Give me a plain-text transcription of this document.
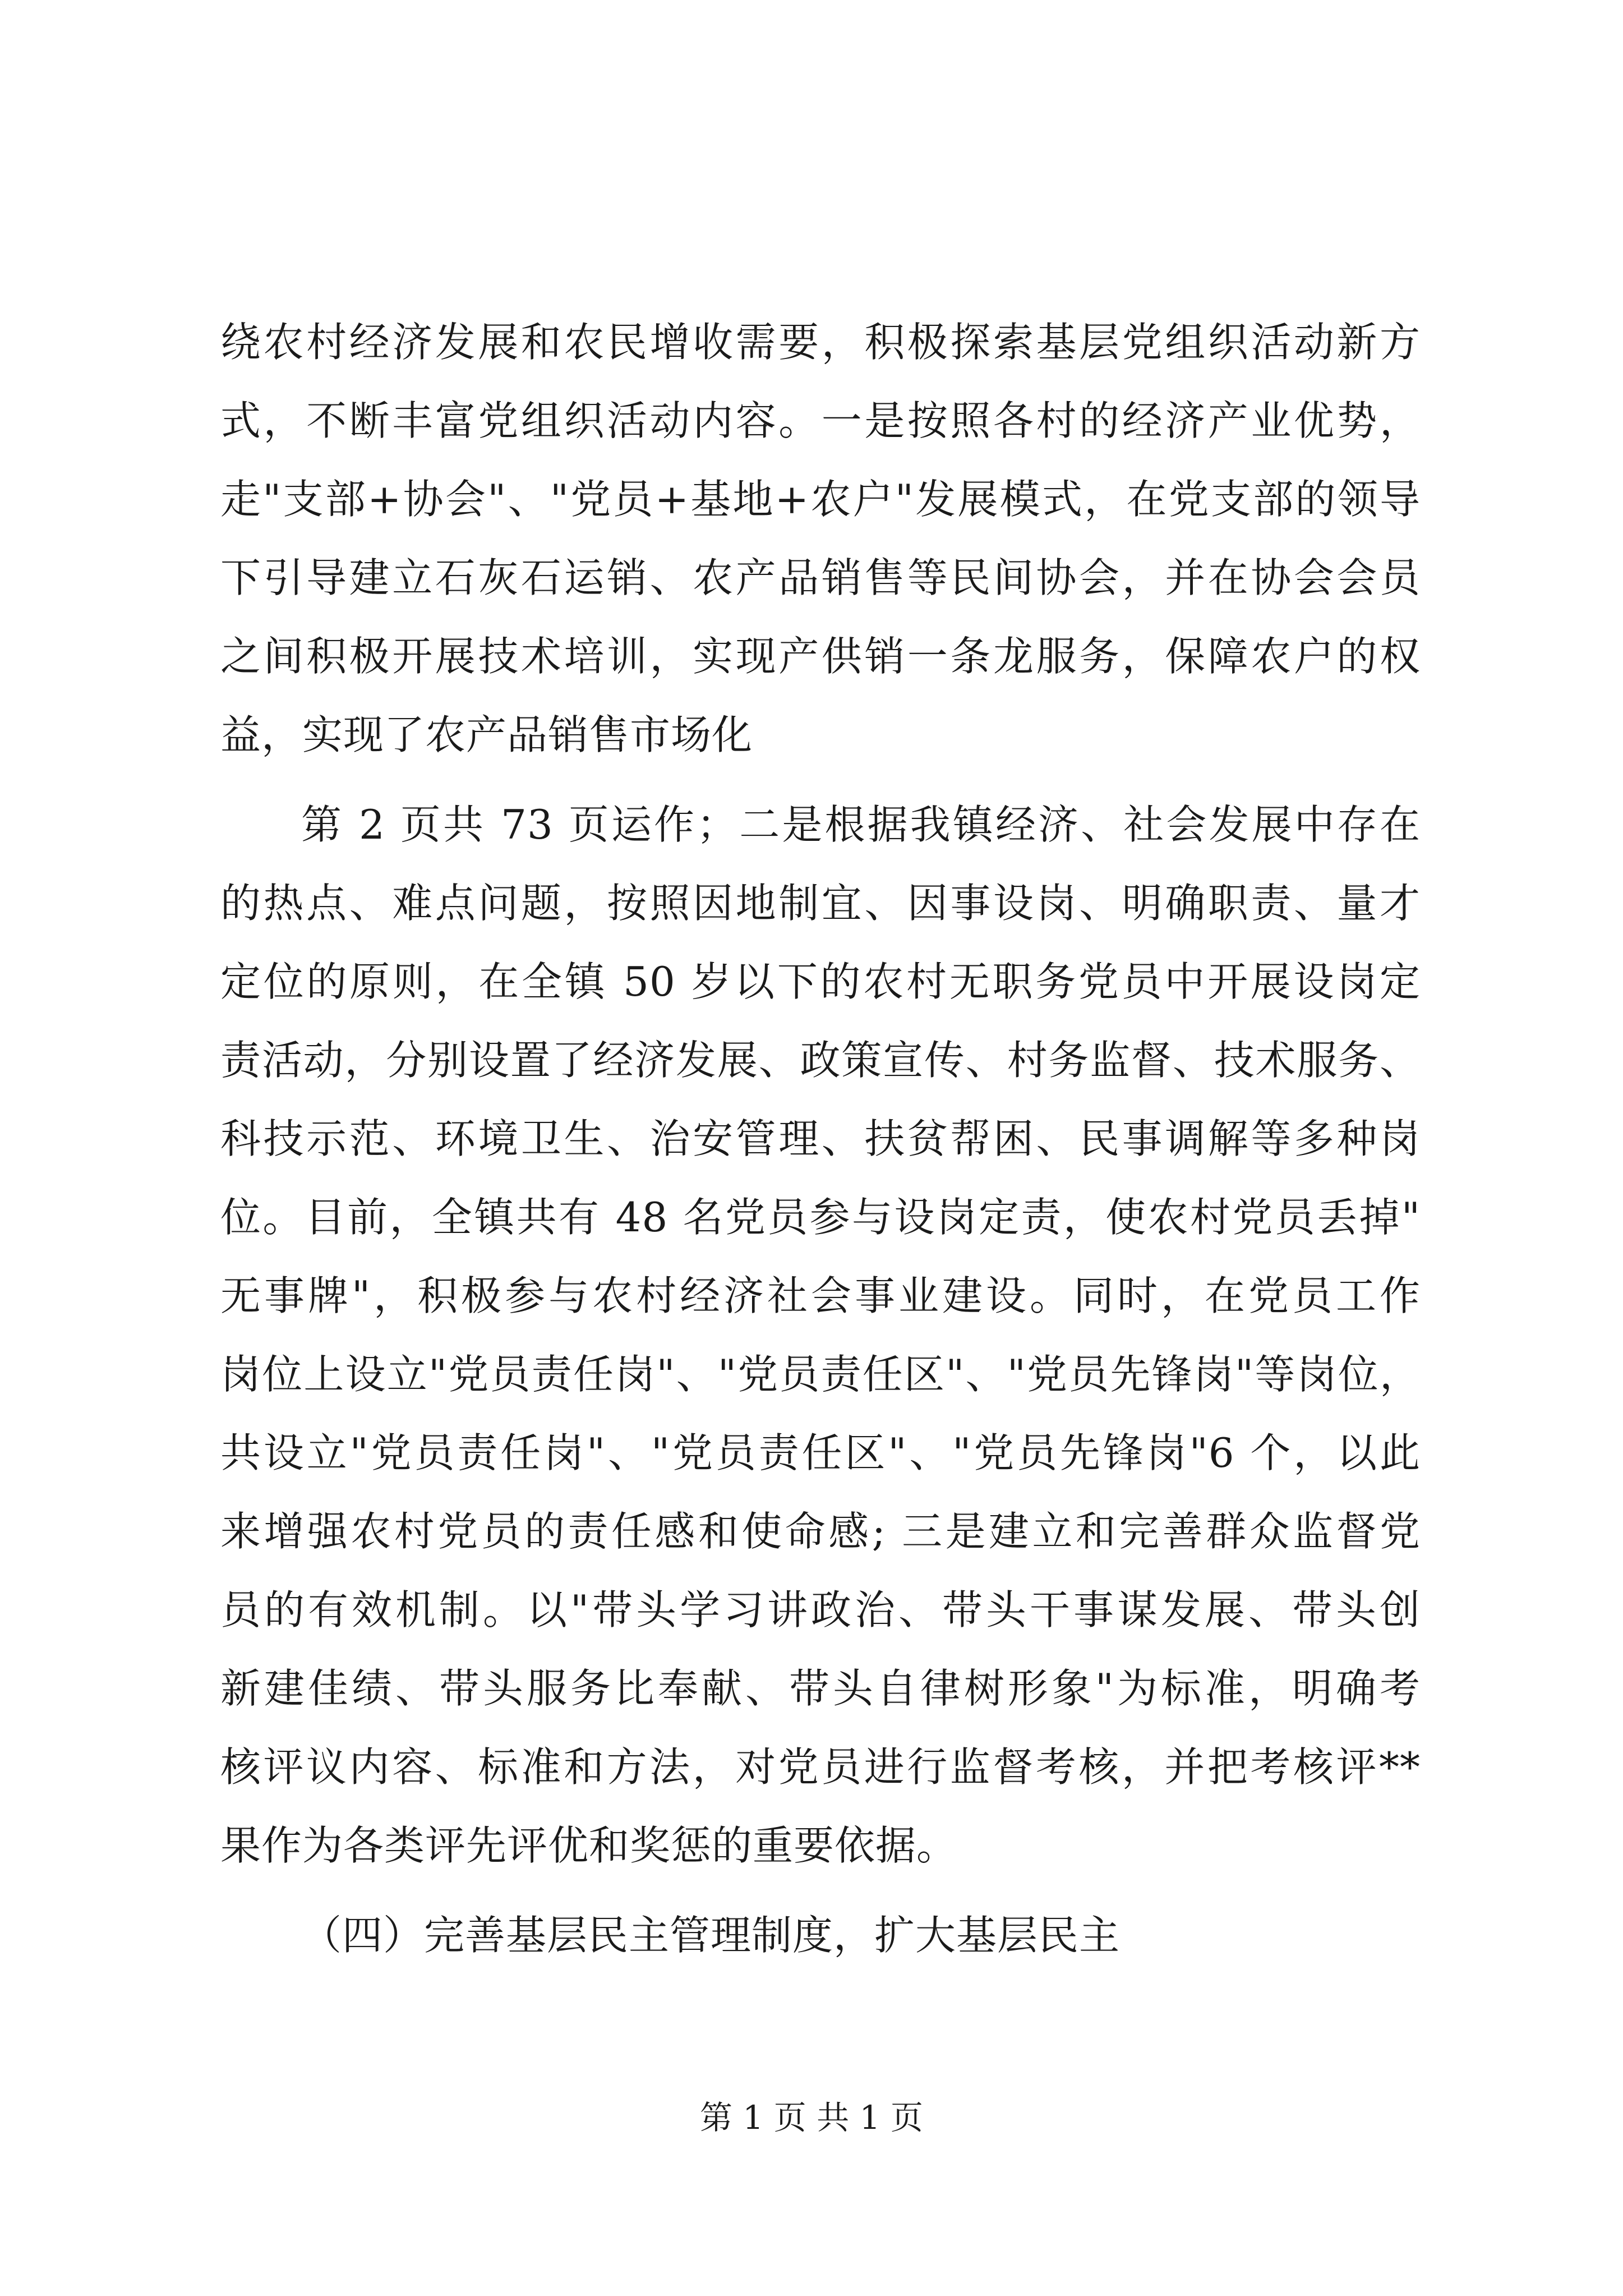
绕农村经济发展和农民增收需要，积极探索基层党组织活动新方
式，不断丰富党组织活动内容。一是按照各村的经济产业优势，
走"支部+协会"、"党员+基地+农户"发展模式，在党支部的领导
下引导建立石灰石运销、农产品销售等民间协会，并在协会会员
之间积极开展技术培训，实现产供销一条龙服务，保障农户的权
益，实现了农产品销售市场化
第 2 页共 73 页运作；二是根据我镇经济、社会发展中存在
的热点、难点问题，按照因地制宜、因事设岗、明确职责、量才
定位的原则，在全镇 50 岁以下的农村无职务党员中开展设岗定
责活动，分别设置了经济发展、政策宣传、村务监督、技术服务、
科技示范、环境卫生、治安管理、扶贫帮困、民事调解等多种岗
位。目前，全镇共有 48 名党员参与设岗定责，使农村党员丢掉"
无事牌"，积极参与农村经济社会事业建设。同时，在党员工作
岗位上设立"党员责任岗"、"党员责任区"、"党员先锋岗"等岗位，
共设立"党员责任岗"、"党员责任区"、"党员先锋岗"6 个，以此
来增强农村党员的责任感和使命感; 三是建立和完善群众监督党
员的有效机制。以"带头学习讲政治、带头干事谋发展、带头创
新建佳绩、带头服务比奉献、带头自律树形象"为标准，明确考
核评议内容、标准和方法，对党员进行监督考核，并把考核评**
果作为各类评先评优和奖惩的重要依据。
（四）完善基层民主管理制度，扩大基层民主
第 1 页 共 1 页
